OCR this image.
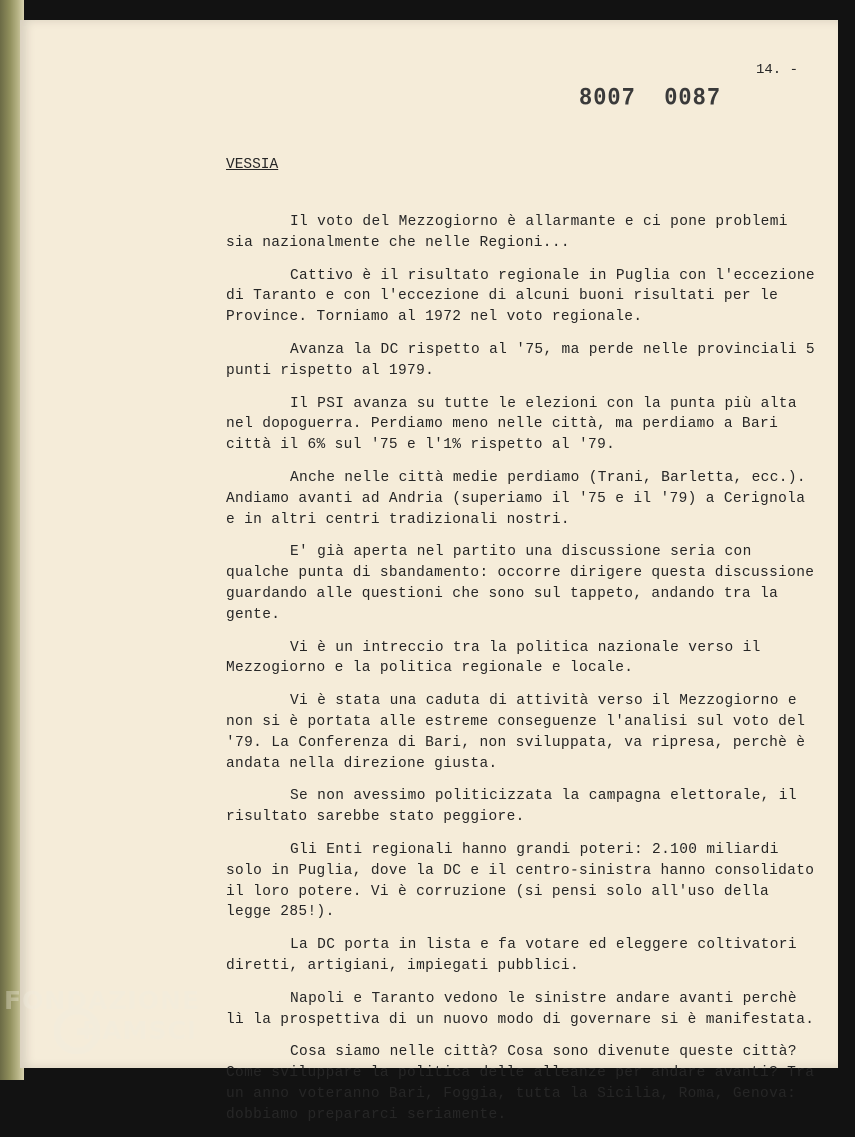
14. -
8007  0087
VESSIA

Il voto del Mezzogiorno è allarmante e ci pone problemi sia nazionalmente che nelle Regioni...

Cattivo è il risultato regionale in Puglia con l'eccezione di Taranto e con l'eccezione di alcuni buoni risultati per le Province. Torniamo al 1972 nel voto regionale.

Avanza la DC rispetto al '75, ma perde nelle provinciali 5 punti rispetto al 1979.

Il PSI avanza su tutte le elezioni con la punta più alta nel dopoguerra. Perdiamo meno nelle città, ma perdiamo a Bari città il 6% sul '75 e l'1% rispetto al '79.

Anche nelle città medie perdiamo (Trani, Barletta, ecc.). Andiamo avanti ad Andria (superiamo il '75 e il '79) a Cerignola e in altri centri tradizionali nostri.

E' già aperta nel partito una discussione seria con qualche punta di sbandamento: occorre dirigere questa discussione guardando alle questioni che sono sul tappeto, andando tra la gente.

Vi è un intreccio tra la politica nazionale verso il Mezzogiorno e la politica regionale e locale.

Vi è stata una caduta di attività verso il Mezzogiorno e non si è portata alle estreme conseguenze l'analisi sul voto del '79. La Conferenza di Bari, non sviluppata, va ripresa, perchè è andata nella direzione giusta.

Se non avessimo politicizzata la campagna elettorale, il risultato sarebbe stato peggiore.

Gli Enti regionali hanno grandi poteri: 2.100 miliardi solo in Puglia, dove la DC e il centro-sinistra hanno consolidato il loro potere. Vi è corruzione (si pensi solo all'uso della legge 285!).

La DC porta in lista e fa votare ed eleggere coltivatori diretti, artigiani, impiegati pubblici.

Napoli e Taranto vedono le sinistre andare avanti perchè lì la prospettiva di un nuovo modo di governare si è manifestata.

Cosa siamo nelle città? Cosa sono divenute queste città? Come sviluppare la politica delle alleanze per andare avanti? Tra un anno voteranno Bari, Foggia, tutta la Sicilia, Roma, Genova: dobbiamo prepararci seriamente.

FONDAZIONE
RAMSCI
